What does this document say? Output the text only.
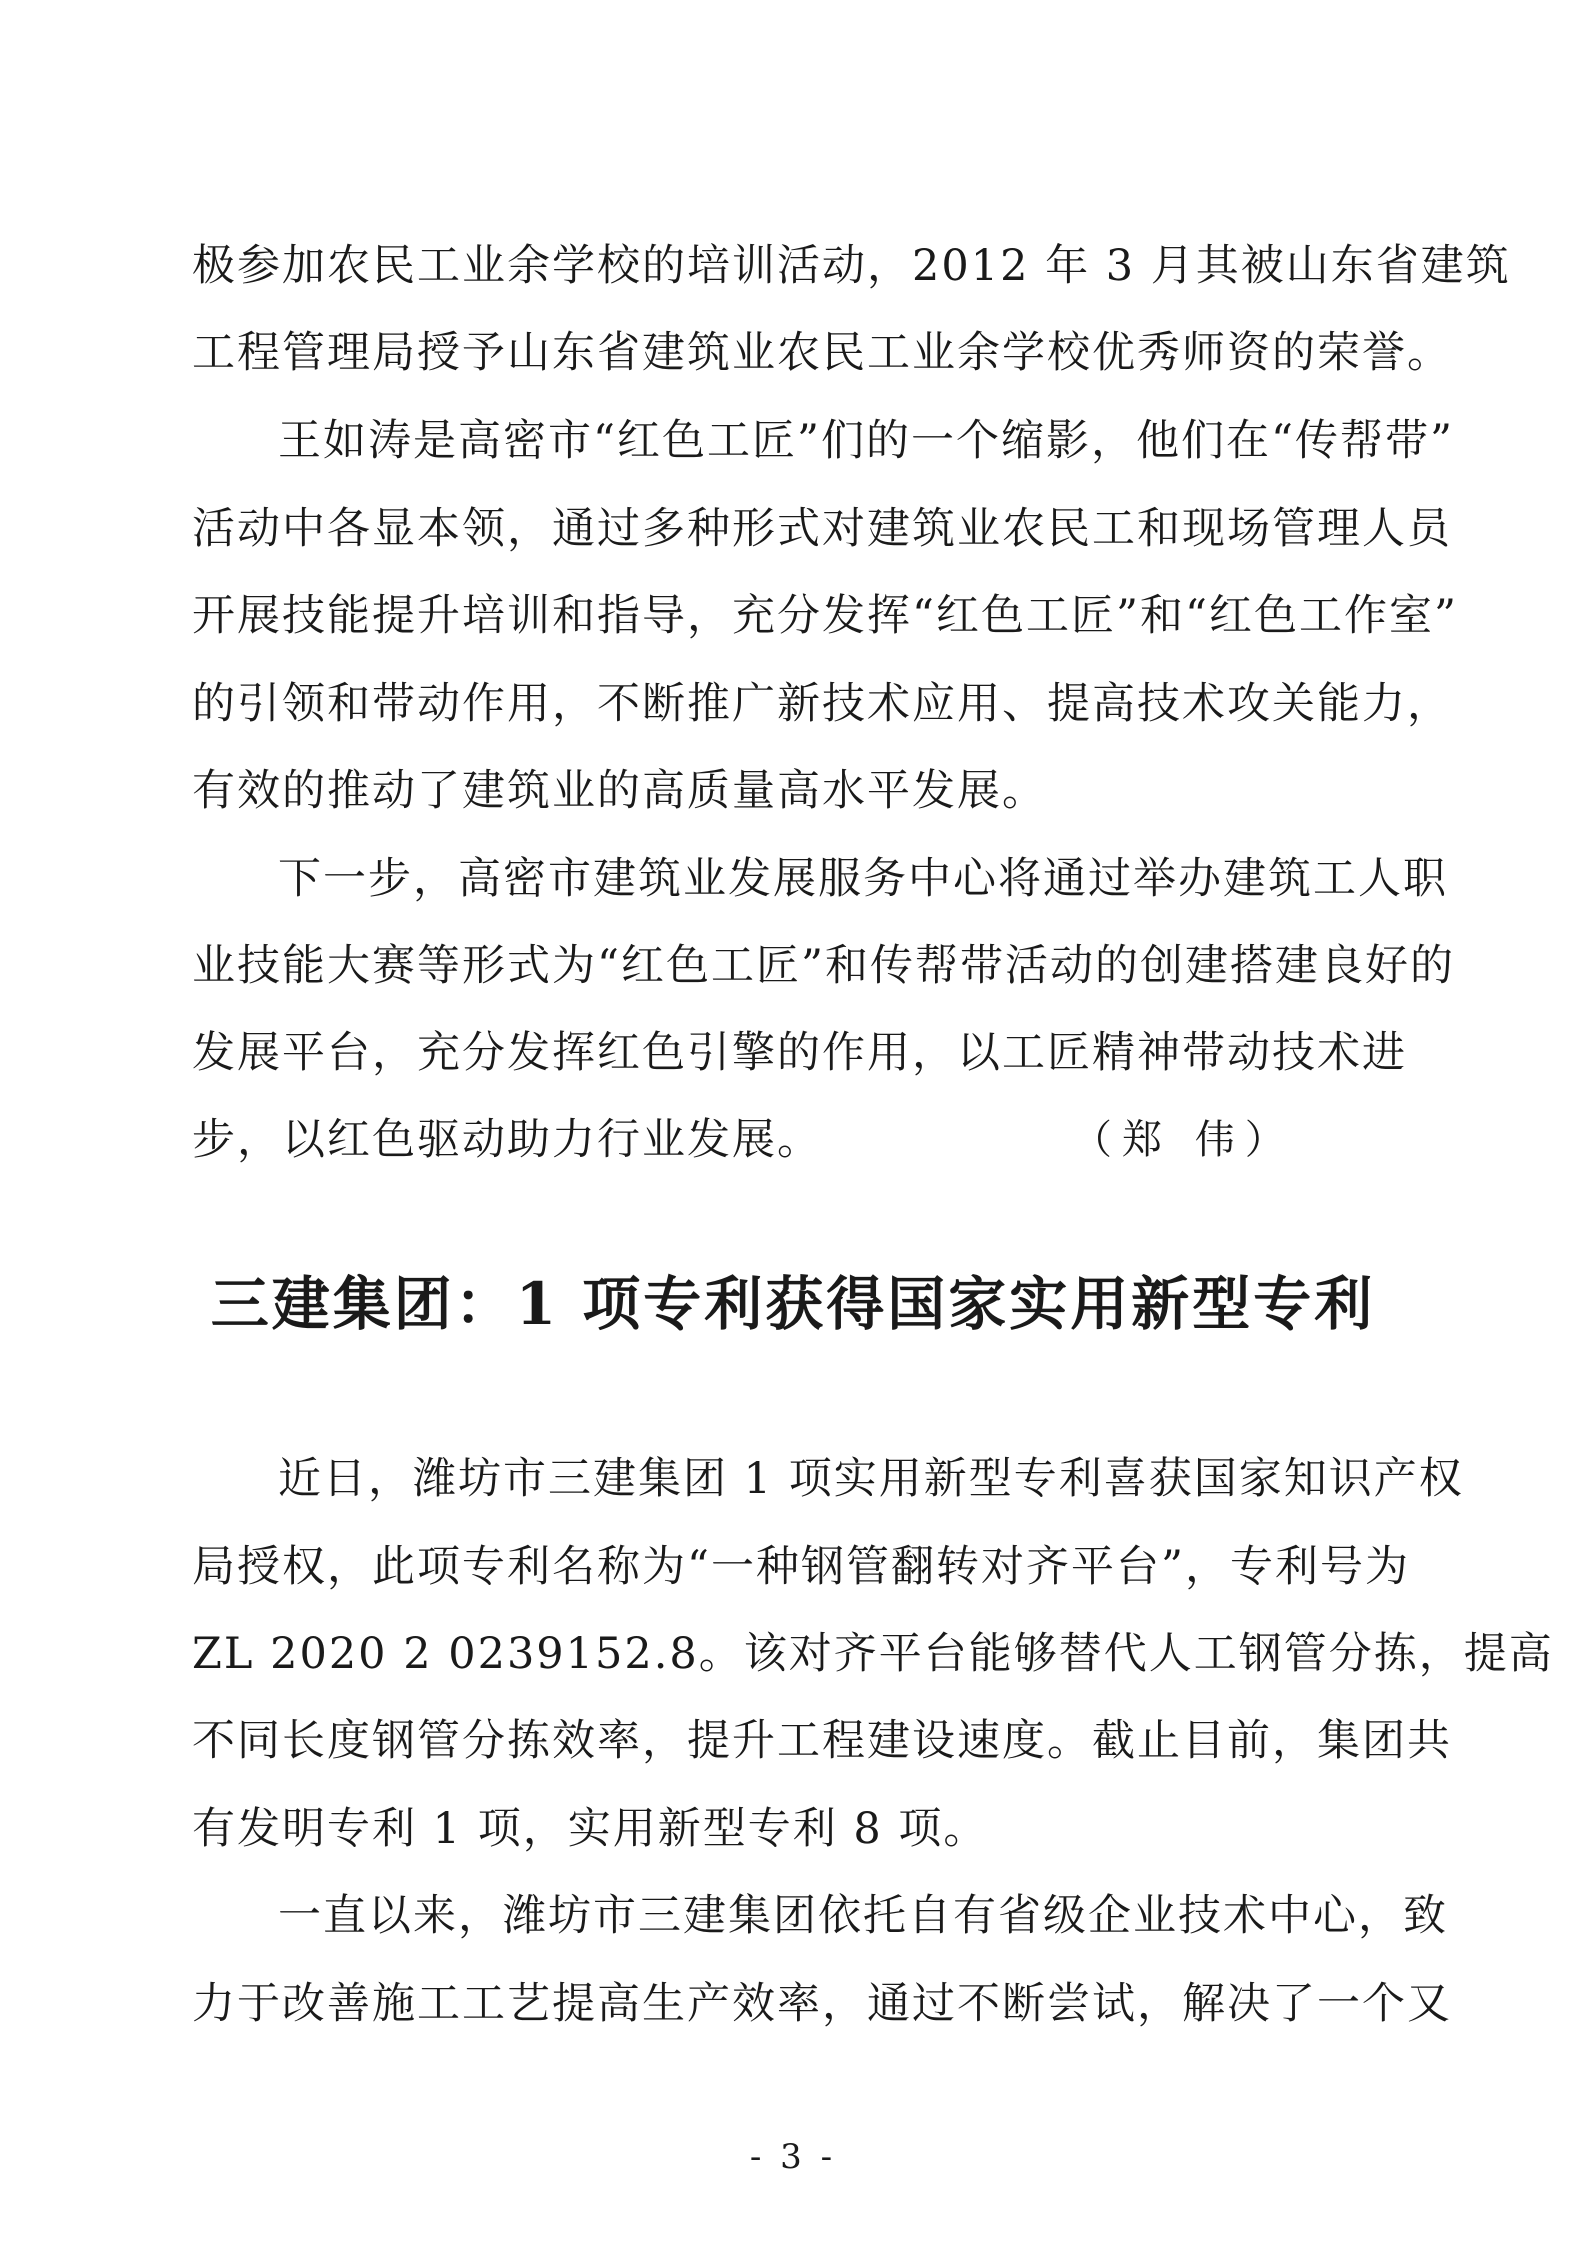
极参加农民工业余学校的培训活动，2012 年 3 月其被山东省建筑
工程管理局授予山东省建筑业农民工业余学校优秀师资的荣誉。
王如涛是高密市“红色工匠”们的一个缩影，他们在“传帮带”
活动中各显本领，通过多种形式对建筑业农民工和现场管理人员
开展技能提升培训和指导，充分发挥“红色工匠”和“红色工作室”
的引领和带动作用，不断推广新技术应用、提高技术攻关能力，
有效的推动了建筑业的高质量高水平发展。
下一步，高密市建筑业发展服务中心将通过举办建筑工人职
业技能大赛等形式为“红色工匠”和传帮带活动的创建搭建良好的
发展平台，充分发挥红色引擎的作用，以工匠精神带动技术进
步，以红色驱动助力行业发展。	（郑 伟）
三建集团：1 项专利获得国家实用新型专利
近日，潍坊市三建集团 1 项实用新型专利喜获国家知识产权
局授权，此项专利名称为“一种钢管翻转对齐平台”，专利号为
ZL 2020 2 0239152.8。该对齐平台能够替代人工钢管分拣，提高
不同长度钢管分拣效率，提升工程建设速度。截止目前，集团共
有发明专利 1 项，实用新型专利 8 项。
一直以来，潍坊市三建集团依托自有省级企业技术中心，致
力于改善施工工艺提高生产效率，通过不断尝试，解决了一个又
- 3 -
